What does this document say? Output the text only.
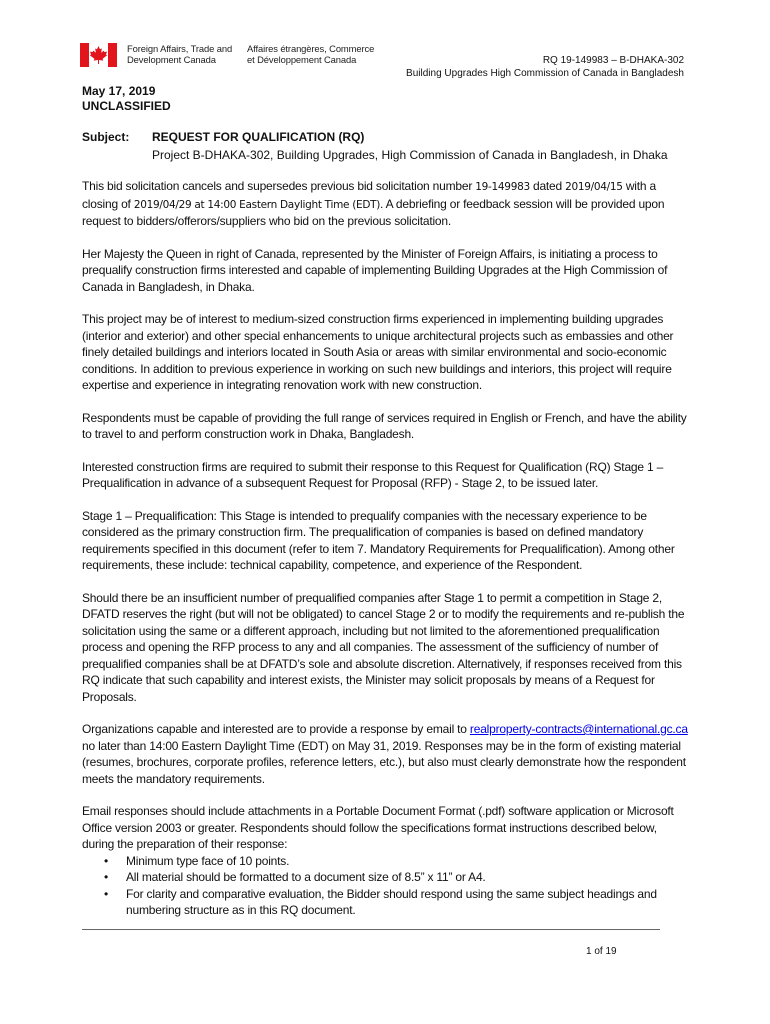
Foreign Affairs, Trade and
Development Canada
Affaires étrangères, Commerce
et Développement Canada	RQ 19-149983 – B-DHAKA-302
Building Upgrades High Commission of Canada in Bangladesh
May 17, 2019
UNCLASSIFIED
Subject: REQUEST FOR QUALIFICATION (RQ)
Project B-DHAKA-302, Building Upgrades, High Commission of Canada in Bangladesh, in Dhaka

This bid solicitation cancels and supersedes previous bid solicitation number 19-149983 dated 2019/04/15 with a closing of 2019/04/29 at 14:00 Eastern Daylight Time (EDT). A debriefing or feedback session will be provided upon request to bidders/offerors/suppliers who bid on the previous solicitation.

Her Majesty the Queen in right of Canada, represented by the Minister of Foreign Affairs, is initiating a process to prequalify construction firms interested and capable of implementing Building Upgrades at the High Commission of Canada in Bangladesh, in Dhaka.

This project may be of interest to medium-sized construction firms experienced in implementing building upgrades (interior and exterior) and other special enhancements to unique architectural projects such as embassies and other finely detailed buildings and interiors located in South Asia or areas with similar environmental and socio-economic conditions. In addition to previous experience in working on such new buildings and interiors, this project will require expertise and experience in integrating renovation work with new construction.

Respondents must be capable of providing the full range of services required in English or French, and have the ability to travel to and perform construction work in Dhaka, Bangladesh.

Interested construction firms are required to submit their response to this Request for Qualification (RQ) Stage 1 – Prequalification in advance of a subsequent Request for Proposal (RFP) - Stage 2, to be issued later.

Stage 1 – Prequalification: This Stage is intended to prequalify companies with the necessary experience to be considered as the primary construction firm. The prequalification of companies is based on defined mandatory requirements specified in this document (refer to item 7. Mandatory Requirements for Prequalification). Among other requirements, these include: technical capability, competence, and experience of the Respondent.

Should there be an insufficient number of prequalified companies after Stage 1 to permit a competition in Stage 2, DFATD reserves the right (but will not be obligated) to cancel Stage 2 or to modify the requirements and re-publish the solicitation using the same or a different approach, including but not limited to the aforementioned prequalification process and opening the RFP process to any and all companies. The assessment of the sufficiency of number of prequalified companies shall be at DFATD’s sole and absolute discretion. Alternatively, if responses received from this RQ indicate that such capability and interest exists, the Minister may solicit proposals by means of a Request for Proposals.

Organizations capable and interested are to provide a response by email to realproperty-contracts@international.gc.ca no later than 14:00 Eastern Daylight Time (EDT) on May 31, 2019. Responses may be in the form of existing material (resumes, brochures, corporate profiles, reference letters, etc.), but also must clearly demonstrate how the respondent meets the mandatory requirements.

Email responses should include attachments in a Portable Document Format (.pdf) software application or Microsoft Office version 2003 or greater. Respondents should follow the specifications format instructions described below, during the preparation of their response:

• Minimum type face of 10 points.
• All material should be formatted to a document size of 8.5” x 11” or A4.
• For clarity and comparative evaluation, the Bidder should respond using the same subject headings and numbering structure as in this RQ document.
1 of 19
